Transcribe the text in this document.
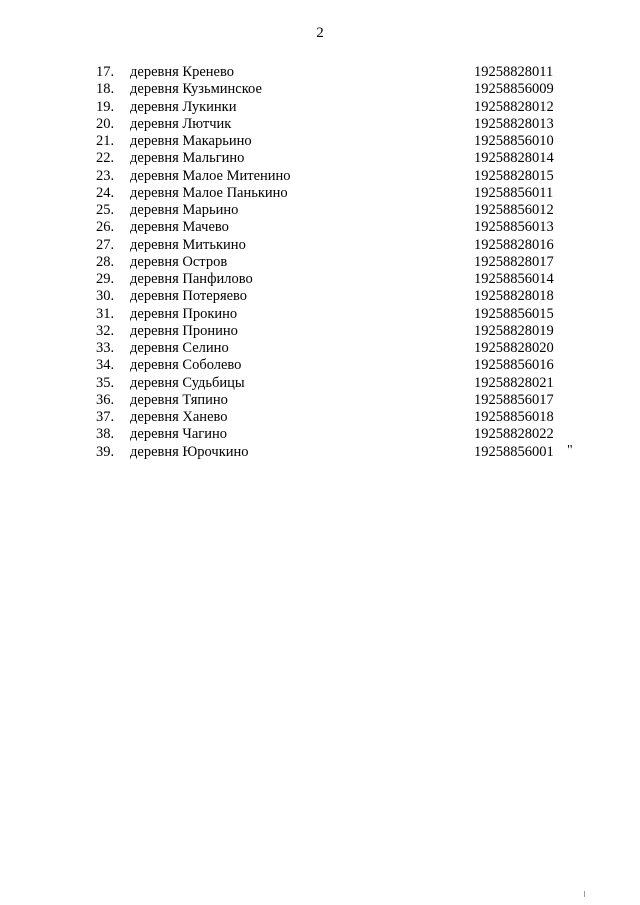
2
17. деревня Кренево	19258828011
18. деревня Кузьминское	19258856009
19. деревня Лукинки	19258828012
20. деревня Лютчик	19258828013
21. деревня Макарьино	19258856010
22. деревня Мальгино	19258828014
23. деревня Малое Митенино	19258828015
24. деревня Малое Панькино	19258856011
25. деревня Марьино	19258856012
26. деревня Мачево	19258856013
27. деревня Митькино	19258828016
28. деревня Остров	19258828017
29. деревня Панфилово	19258856014
30. деревня Потеряево	19258828018
31. деревня Прокино	19258856015
32. деревня Пронино	19258828019
33. деревня Селино	19258828020
34. деревня Соболево	19258856016
35. деревня Судьбицы	19258828021
36. деревня Тяпино	19258856017
37. деревня Ханево	19258856018
38. деревня Чагино	19258828022
39. деревня Юрочкино	19258856001 "
